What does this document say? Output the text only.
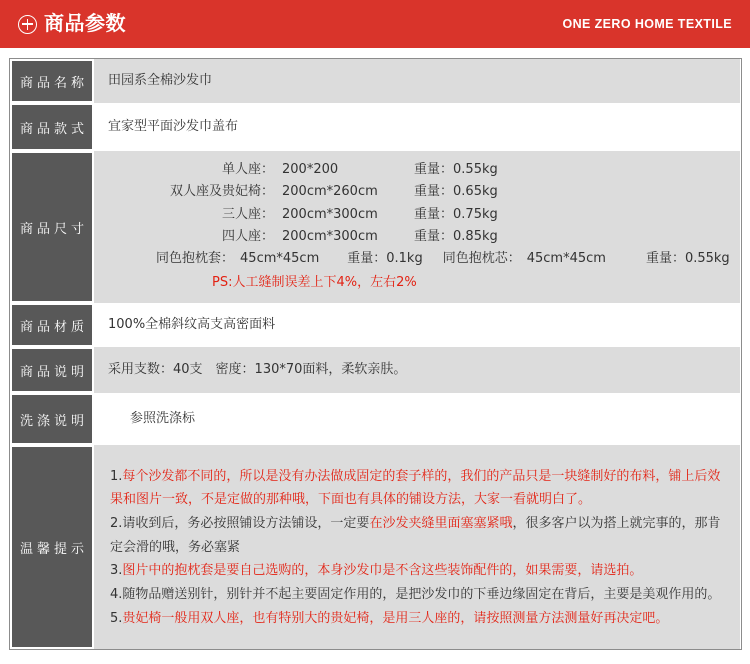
商品参数	ONE ZERO HOME TEXTILE
商品名称	田园系全棉沙发巾
商品款式	宜家型平面沙发巾盖布
商品尺寸	
单人座： 200*200	重量：0.55kg
双人座及贵妃椅： 200cm*260cm	重量：0.65kg
三人座： 200cm*300cm	重量：0.75kg
四人座： 200cm*300cm	重量：0.85kg
同色抱枕套： 45cm*45cm	重量：0.1kg	同色抱枕芯： 45cm*45cm	重量：0.55kg
PS:人工缝制误差上下4%，左右2%

商品材质	100%全棉斜纹高支高密面料
商品说明	采用支数：40支　密度：130*70面料，柔软亲肤。
洗涤说明	参照洗涤标
温馨提示	1.每个沙发都不同的，所以是没有办法做成固定的套子样的，我们的产品只是一块缝制好的布料，铺上后效果和图片一致，不是定做的那种哦，下面也有具体的铺设方法，大家一看就明白了。
2.请收到后，务必按照铺设方法铺设，一定要在沙发夹缝里面塞塞紧哦，很多客户以为搭上就完事的，那肯定会滑的哦，务必塞紧
3.图片中的抱枕套是要自己选购的，本身沙发巾是不含这些装饰配件的，如果需要，请选拍。
4.随物品赠送别针，别针并不起主要固定作用的，是把沙发巾的下垂边缘固定在背后，主要是美观作用的。
5.贵妃椅一般用双人座，也有特别大的贵妃椅，是用三人座的，请按照测量方法测量好再决定吧。
